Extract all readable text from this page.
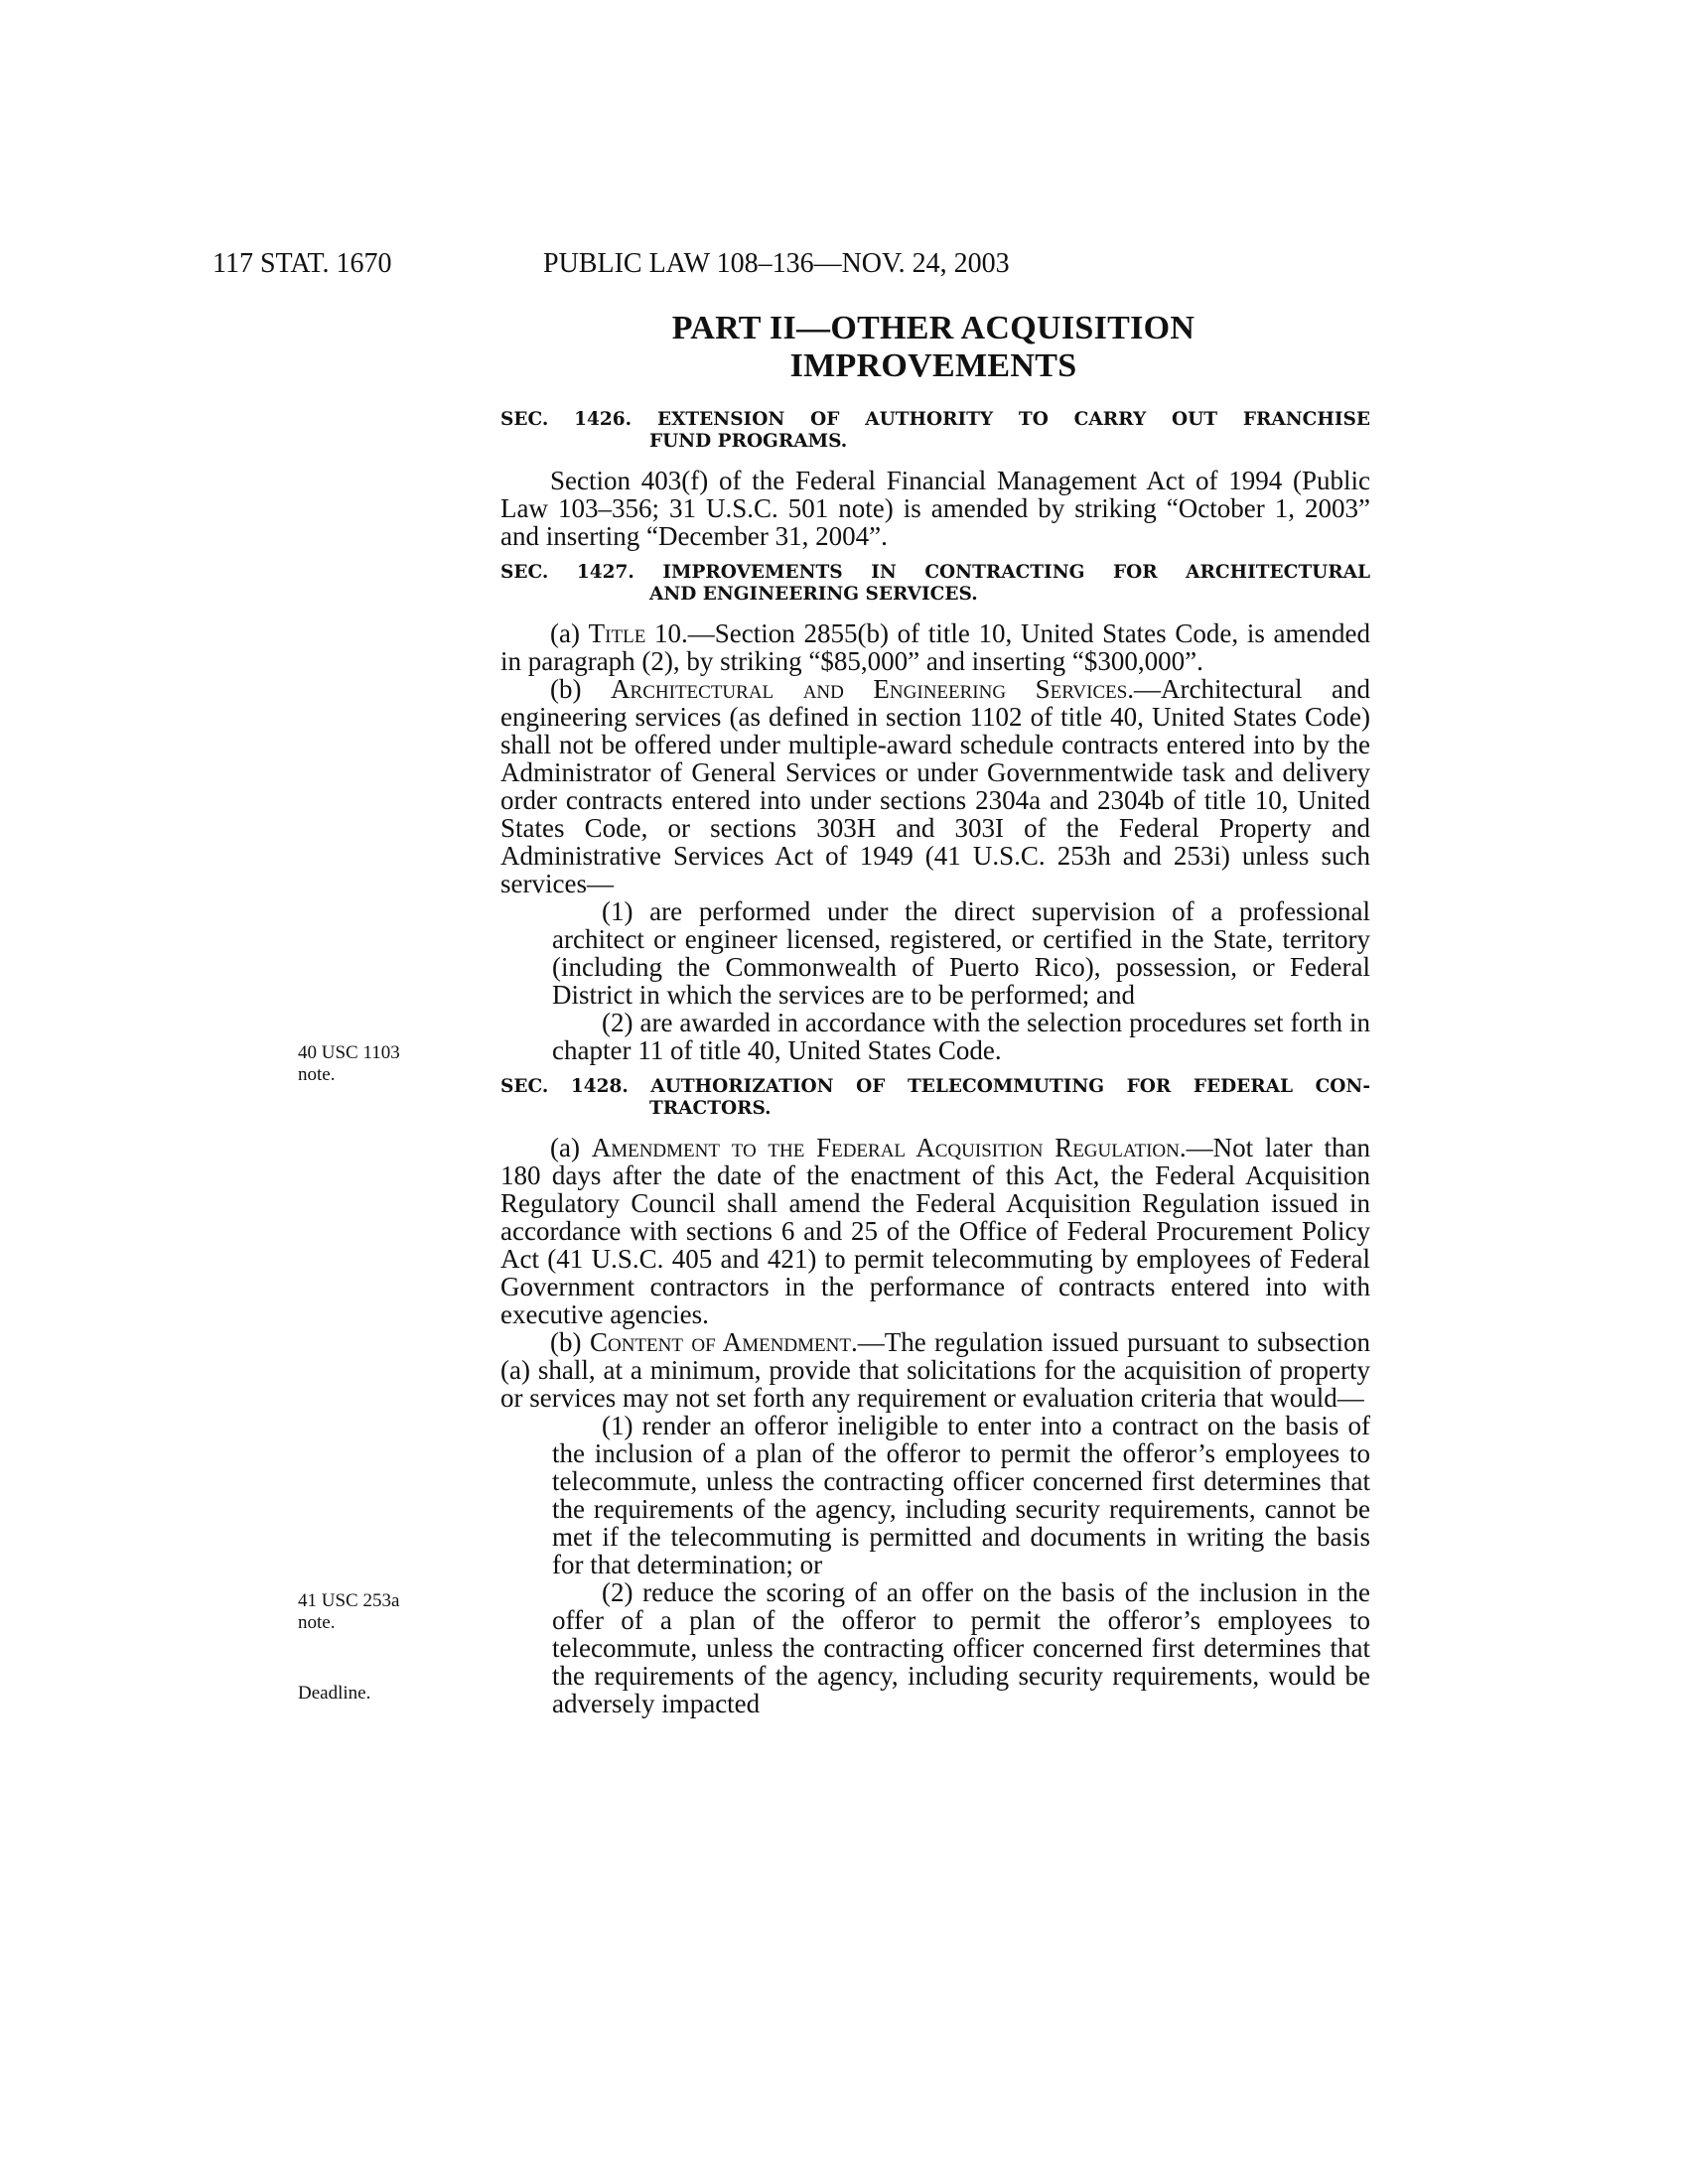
117 STAT. 1670	PUBLIC LAW 108–136—NOV. 24, 2003
PART II—OTHER ACQUISITION
IMPROVEMENTS
40 USC 1103
note.
41 USC 253a
note.
Deadline.
SEC. 1426. EXTENSION OF AUTHORITY TO CARRY OUT FRANCHISE
FUND PROGRAMS.

Section 403(f) of the Federal Financial Management Act of 1994 (Public Law 103–356; 31 U.S.C. 501 note) is amended by striking “October 1, 2003” and inserting “December 31, 2004”.

SEC. 1427. IMPROVEMENTS IN CONTRACTING FOR ARCHITECTURAL
AND ENGINEERING SERVICES.

(a) Title 10.—Section 2855(b) of title 10, United States Code, is amended in paragraph (2), by striking “$85,000” and inserting “$300,000”.

(b) Architectural and Engineering Services.—Architectural and engineering services (as defined in section 1102 of title 40, United States Code) shall not be offered under multiple-award schedule contracts entered into by the Administrator of General Services or under Governmentwide task and delivery order contracts entered into under sections 2304a and 2304b of title 10, United States Code, or sections 303H and 303I of the Federal Property and Administrative Services Act of 1949 (41 U.S.C. 253h and 253i) unless such services—

(1) are performed under the direct supervision of a professional architect or engineer licensed, registered, or certified in the State, territory (including the Commonwealth of Puerto Rico), possession, or Federal District in which the services are to be performed; and

(2) are awarded in accordance with the selection procedures set forth in chapter 11 of title 40, United States Code.

SEC. 1428. AUTHORIZATION OF TELECOMMUTING FOR FEDERAL CON-
TRACTORS.

(a) Amendment to the Federal Acquisition Regulation.—Not later than 180 days after the date of the enactment of this Act, the Federal Acquisition Regulatory Council shall amend the Federal Acquisition Regulation issued in accordance with sections 6 and 25 of the Office of Federal Procurement Policy Act (41 U.S.C. 405 and 421) to permit telecommuting by employees of Federal Government contractors in the performance of contracts entered into with executive agencies.

(b) Content of Amendment.—The regulation issued pursuant to subsection (a) shall, at a minimum, provide that solicitations for the acquisition of property or services may not set forth any requirement or evaluation criteria that would—

(1) render an offeror ineligible to enter into a contract on the basis of the inclusion of a plan of the offeror to permit the offeror’s employees to telecommute, unless the contracting officer concerned first determines that the requirements of the agency, including security requirements, cannot be met if the telecommuting is permitted and documents in writing the basis for that determination; or

(2) reduce the scoring of an offer on the basis of the inclusion in the offer of a plan of the offeror to permit the offeror’s employees to telecommute, unless the contracting officer concerned first determines that the requirements of the agency, including security requirements, would be adversely impacted
